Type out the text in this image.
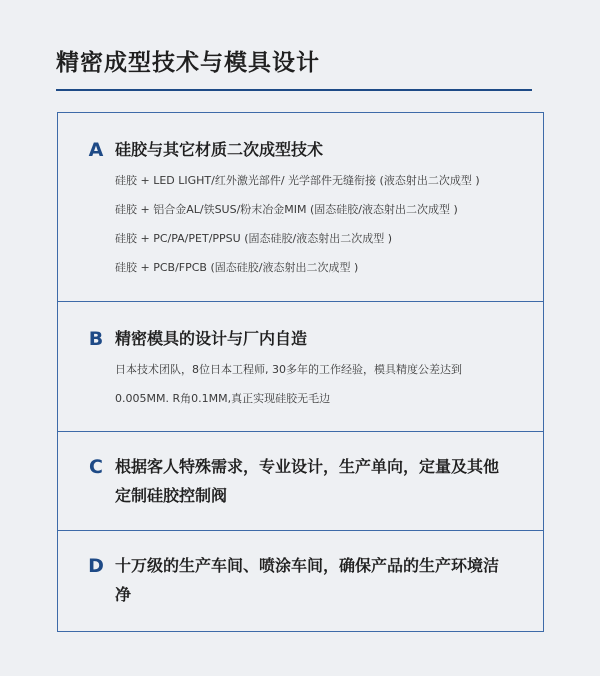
精密成型技术与模具设计
A 硅胶与其它材质二次成型技术
硅胶 + LED LIGHT/红外激光部件/ 光学部件无缝衔接 (液态射出二次成型 )
硅胶 + 铝合金AL/铁SUS/粉末冶金MIM (固态硅胶/液态射出二次成型 )
硅胶 + PC/PA/PET/PPSU (固态硅胶/液态射出二次成型 )
硅胶 + PCB/FPCB (固态硅胶/液态射出二次成型 )
B 精密模具的设计与厂内自造

日本技术团队，8位日本工程师, 30多年的工作经验，模具精度公差达到0.005MM. R角0.1MM,真正实现硅胶无毛边

C 根据客人特殊需求，专业设计，生产单向，定量及其他定制硅胶控制阀
D 十万级的生产车间、喷涂车间，确保产品的生产环境洁净
